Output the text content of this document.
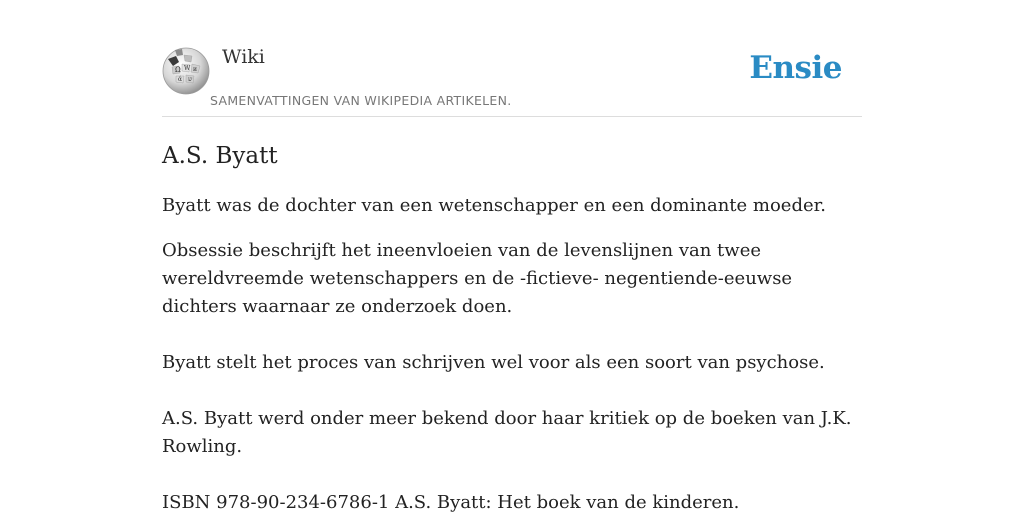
Ω W и
ά ש
Wiki

SAMENVATTINGEN VAN WIKIPEDIA ARTIKELEN.

Ensie
A.S. Byatt

Byatt was de dochter van een wetenschapper en een dominante moeder.

Obsessie beschrijft het ineenvloeien van de levenslijnen van twee wereldvreemde wetenschappers en de -fictieve- negentiende-eeuwse dichters waarnaar ze onderzoek doen.

Byatt stelt het proces van schrijven wel voor als een soort van psychose.

A.S. Byatt werd onder meer bekend door haar kritiek op de boeken van J.K. Rowling.

ISBN 978-90-234-6786-1 A.S. Byatt: Het boek van de kinderen.
